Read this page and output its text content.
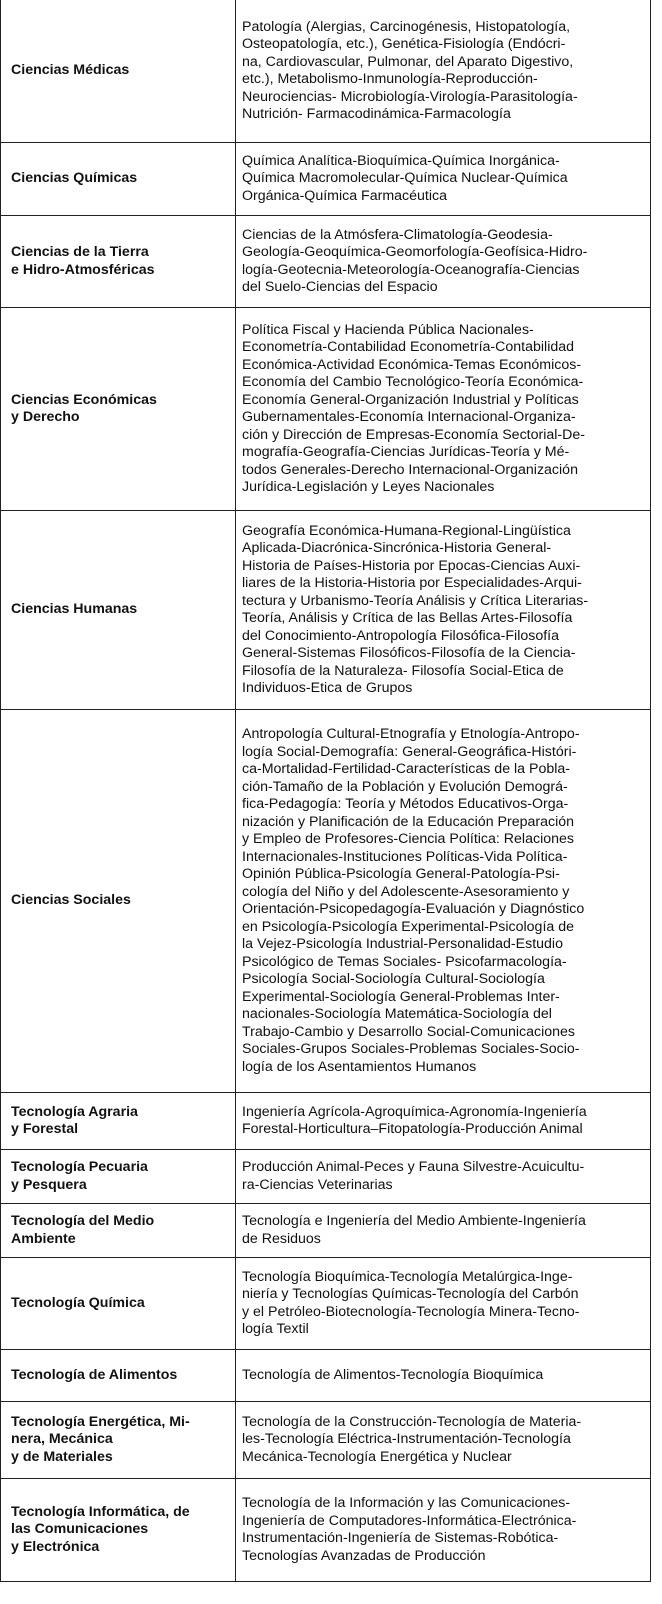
Ciencias Médicas
Patología (Alergias, Carcinogénesis, Histopatología,
Osteopatología, etc.), Genética-Fisiología (Endócri-
na, Cardiovascular, Pulmonar, del Aparato Digestivo,
etc.), Metabolismo-Inmunología-Reproducción-
Neurociencias- Microbiología-Virología-Parasitología-
Nutrición- Farmacodinámica-Farmacología
Ciencias Químicas
Química Analítica-Bioquímica-Química Inorgánica-
Química Macromolecular-Química Nuclear-Química
Orgánica-Química Farmacéutica
Ciencias de la Tierra
e Hidro-Atmosféricas
Ciencias de la Atmósfera-Climatología-Geodesia-
Geología-Geoquímica-Geomorfología-Geofísica-Hidro-
logía-Geotecnia-Meteorología-Oceanografía-Ciencias
del Suelo-Ciencias del Espacio
Ciencias Económicas
y Derecho
Política Fiscal y Hacienda Pública Nacionales-
Econometría-Contabilidad Econometría-Contabilidad
Económica-Actividad Económica-Temas Económicos-
Economía del Cambio Tecnológico-Teoría Económica-
Economía General-Organización Industrial y Políticas
Gubernamentales-Economía Internacional-Organiza-
ción y Dirección de Empresas-Economía Sectorial-De-
mografía-Geografía-Ciencias Jurídicas-Teoría y Mé-
todos Generales-Derecho Internacional-Organización
Jurídica-Legislación y Leyes Nacionales
Ciencias Humanas
Geografía Económica-Humana-Regional-Lingüística
Aplicada-Diacrónica-Sincrónica-Historia General-
Historia de Países-Historia por Epocas-Ciencias Auxi-
liares de la Historia-Historia por Especialidades-Arqui-
tectura y Urbanismo-Teoría Análisis y Crítica Literarias-
Teoría, Análisis y Crítica de las Bellas Artes-Filosofía
del Conocimiento-Antropología Filosófica-Filosofía
General-Sistemas Filosóficos-Filosofía de la Ciencia-
Filosofía de la Naturaleza- Filosofía Social-Etica de
Individuos-Etica de Grupos
Ciencias Sociales
Antropología Cultural-Etnografía y Etnología-Antropo-
logía Social-Demografía: General-Geográfica-Históri-
ca-Mortalidad-Fertilidad-Características de la Pobla-
ción-Tamaño de la Población y Evolución Demográ-
fica-Pedagogía: Teoría y Métodos Educativos-Orga-
nización y Planificación de la Educación Preparación
y Empleo de Profesores-Ciencia Política: Relaciones
Internacionales-Instituciones Políticas-Vida Política-
Opinión Pública-Psicología General-Patología-Psi-
cología del Niño y del Adolescente-Asesoramiento y
Orientación-Psicopedagogía-Evaluación y Diagnóstico
en Psicología-Psicología Experimental-Psicología de
la Vejez-Psicología Industrial-Personalidad-Estudio
Psicológico de Temas Sociales- Psicofarmacología-
Psicología Social-Sociología Cultural-Sociología
Experimental-Sociología General-Problemas Inter-
nacionales-Sociología Matemática-Sociología del
Trabajo-Cambio y Desarrollo Social-Comunicaciones
Sociales-Grupos Sociales-Problemas Sociales-Socio-
logía de los Asentamientos Humanos
Tecnología Agraria
y Forestal
Ingeniería Agrícola-Agroquímica-Agronomía-Ingeniería
Forestal-Horticultura–Fitopatología-Producción Animal
Tecnología Pecuaria
y Pesquera
Producción Animal-Peces y Fauna Silvestre-Acuicultu-
ra-Ciencias Veterinarias
Tecnología del Medio
Ambiente
Tecnología e Ingeniería del Medio Ambiente-Ingeniería
de Residuos
Tecnología Química
Tecnología Bioquímica-Tecnología Metalúrgica-Inge-
niería y Tecnologías Químicas-Tecnología del Carbón
y el Petróleo-Biotecnología-Tecnología Minera-Tecno-
logía Textil
Tecnología de Alimentos	Tecnología de Alimentos-Tecnología Bioquímica
Tecnología Energética, Mi-
nera, Mecánica
y de Materiales
Tecnología de la Construcción-Tecnología de Materia-
les-Tecnología Eléctrica-Instrumentación-Tecnología
Mecánica-Tecnología Energética y Nuclear
Tecnología Informática, de
las Comunicaciones
y Electrónica
Tecnología de la Información y las Comunicaciones-
Ingeniería de Computadores-Informática-Electrónica-
Instrumentación-Ingeniería de Sistemas-Robótica-
Tecnologías Avanzadas de Producción
